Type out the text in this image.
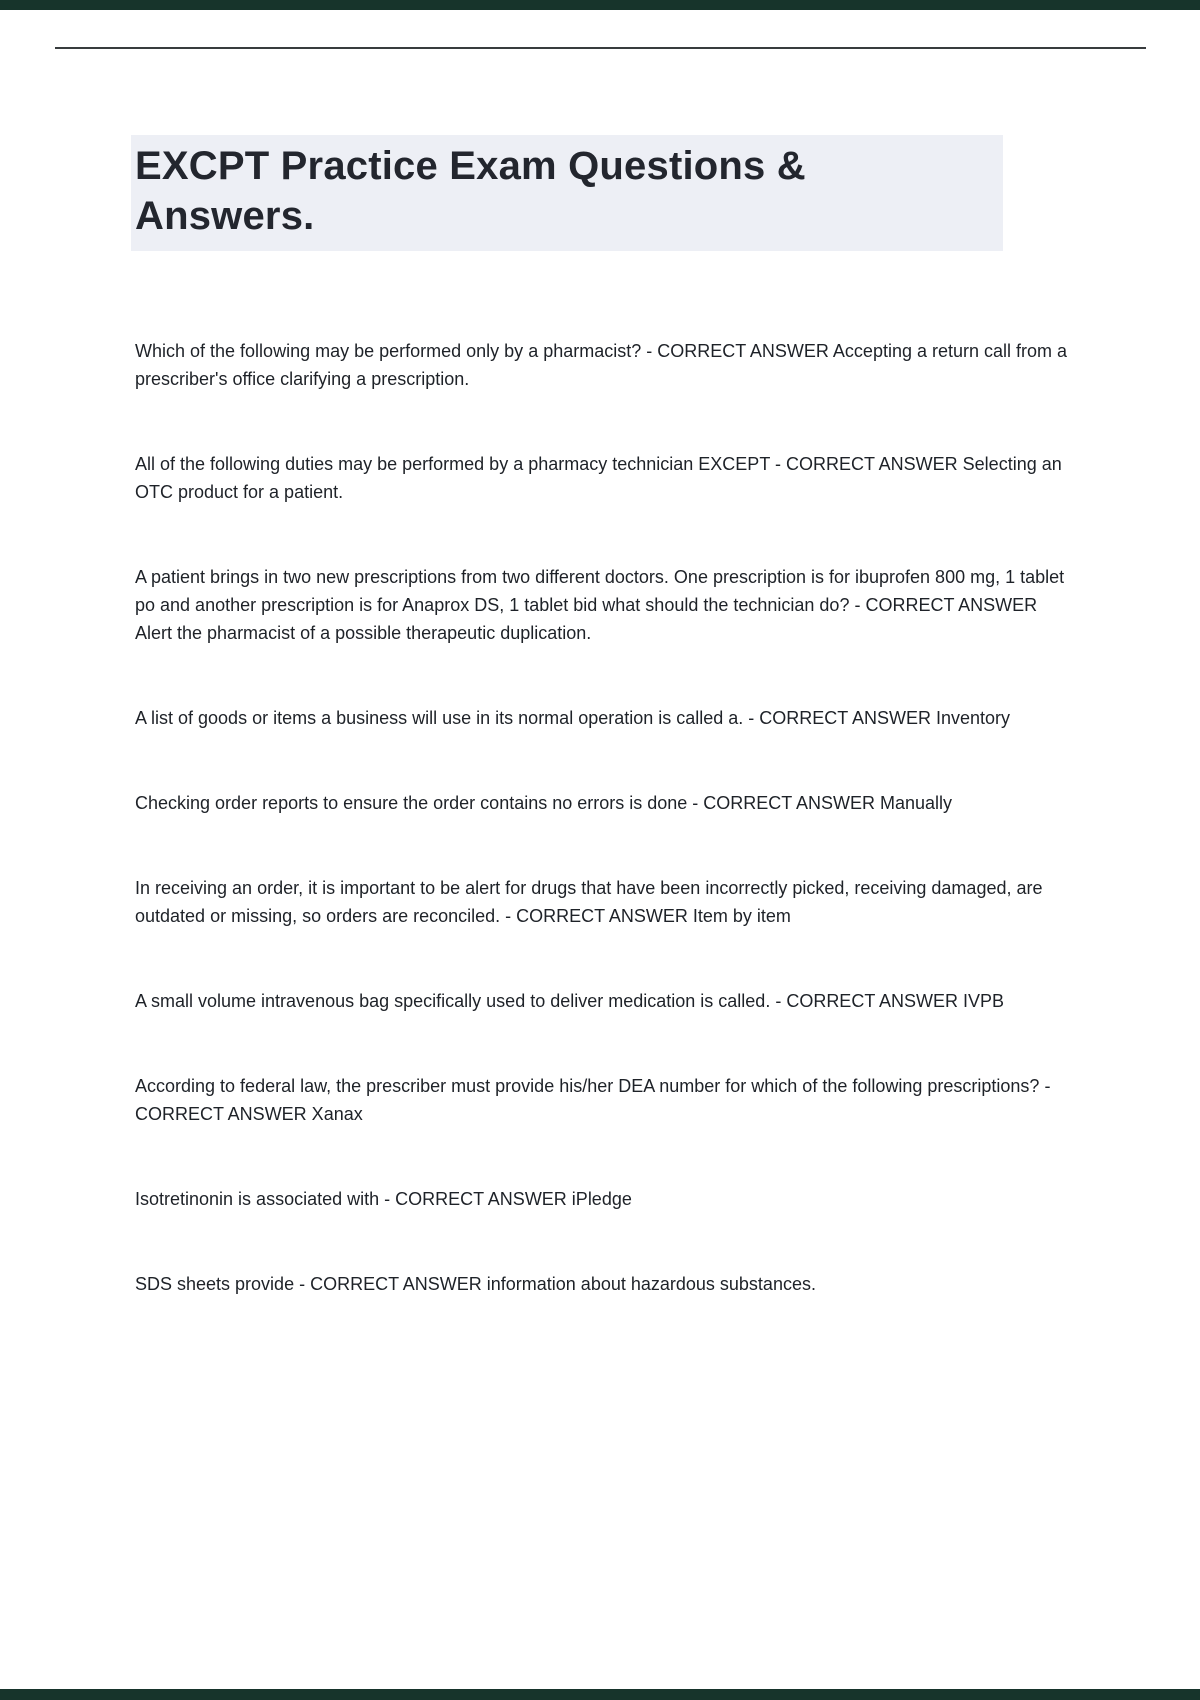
EXCPT Practice Exam Questions &
Answers.

Which of the following may be performed only by a pharmacist? - CORRECT ANSWER Accepting a return call from a prescriber's office clarifying a prescription.

All of the following duties may be performed by a pharmacy technician EXCEPT - CORRECT ANSWER Selecting an OTC product for a patient.

A patient brings in two new prescriptions from two different doctors. One prescription is for ibuprofen 800 mg, 1 tablet po and another prescription is for Anaprox DS, 1 tablet bid what should the technician do? - CORRECT ANSWER Alert the pharmacist of a possible therapeutic duplication.

A list of goods or items a business will use in its normal operation is called a. - CORRECT ANSWER Inventory

Checking order reports to ensure the order contains no errors is done - CORRECT ANSWER Manually

In receiving an order, it is important to be alert for drugs that have been incorrectly picked, receiving damaged, are outdated or missing, so orders are reconciled. - CORRECT ANSWER Item by item

A small volume intravenous bag specifically used to deliver medication is called. - CORRECT ANSWER IVPB

According to federal law, the prescriber must provide his/her DEA number for which of the following prescriptions? - CORRECT ANSWER Xanax

Isotretinonin is associated with - CORRECT ANSWER iPledge

SDS sheets provide - CORRECT ANSWER information about hazardous substances.
